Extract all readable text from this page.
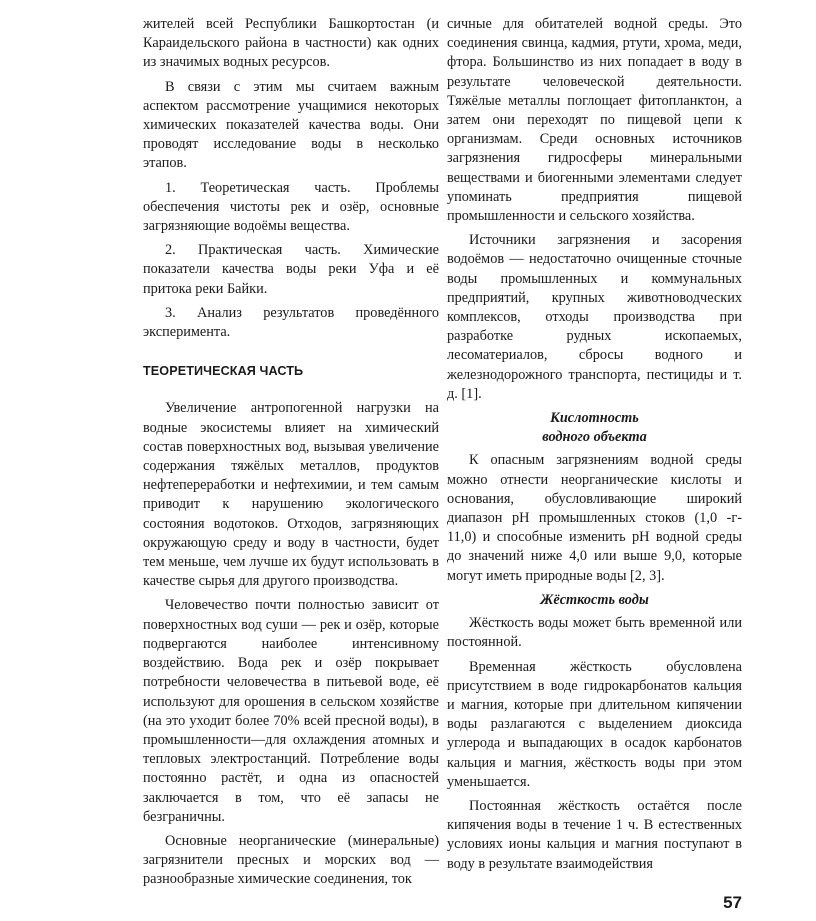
жителей всей Республики Башкортостан (и Караидельского района в частности) как одних из значимых водных ресурсов.

В связи с этим мы считаем важным аспектом рассмотрение учащимися некоторых химических показателей качества воды. Они проводят исследование воды в несколько этапов.

1. Теоретическая часть. Проблемы обеспечения чистоты рек и озёр, основные загрязняющие водоёмы вещества.

2. Практическая часть. Химические показатели качества воды реки Уфа и её притока реки Байки.

3. Анализ результатов проведённого эксперимента.

ТЕОРЕТИЧЕСКАЯ ЧАСТЬ

Увеличение антропогенной нагрузки на водные экосистемы влияет на химический состав поверхностных вод, вызывая увеличение содержания тяжёлых металлов, продуктов нефтепереработки и нефтехимии, и тем самым приводит к нарушению экологического состояния водотоков. Отходов, загрязняющих окружающую среду и воду в частности, будет тем меньше, чем лучше их будут использовать в качестве сырья для другого производства.

Человечество почти полностью зависит от поверхностных вод суши — рек и озёр, которые подвергаются наиболее интенсивному воздействию. Вода рек и озёр покрывает потребности человечества в питьевой воде, её используют для орошения в сельском хозяйстве (на это уходит более 70% всей пресной воды), в промышленности—для охлаждения атомных и тепловых электростанций. Потребление воды постоянно растёт, и одна из опасностей заключается в том, что её запасы не безграничны.

Основные неорганические (минеральные) загрязнители пресных и морских вод — разнообразные химические соединения, ток

сичные для обитателей водной среды. Это соединения свинца, кадмия, ртути, хрома, меди, фтора. Большинство из них попадает в воду в результате человеческой деятельности. Тяжёлые металлы поглощает фитопланктон, а затем они переходят по пищевой цепи к организмам. Среди основных источников загрязнения гидросферы минеральными веществами и биогенными элементами следует упоминать предприятия пищевой промышленности и сельского хозяйства.

Источники загрязнения и засорения водоёмов — недостаточно очищенные сточные воды промышленных и коммунальных предприятий, крупных животноводческих комплексов, отходы производства при разработке рудных ископаемых, лесоматериалов, сбросы водного и железнодорожного транспорта, пестициды и т. д. [1].

Кислотность
водного объекта

К опасным загрязнениям водной среды можно отнести неорганические кислоты и основания, обусловливающие широкий диапазон pH промышленных стоков (1,0 -г- 11,0) и способные изменить pH водной среды до значений ниже 4,0 или выше 9,0, которые могут иметь природные воды [2, 3].

Жёсткость воды

Жёсткость воды может быть временной или постоянной.

Временная жёсткость обусловлена присутствием в воде гидрокарбонатов кальция и магния, которые при длительном кипячении воды разлагаются с выделением диоксида углерода и выпадающих в осадок карбонатов кальция и магния, жёсткость воды при этом уменьшается.

Постоянная жёсткость остаётся после кипячения воды в течение 1 ч. В естественных условиях ионы кальция и магния поступают в воду в результате взаимодействия

57
